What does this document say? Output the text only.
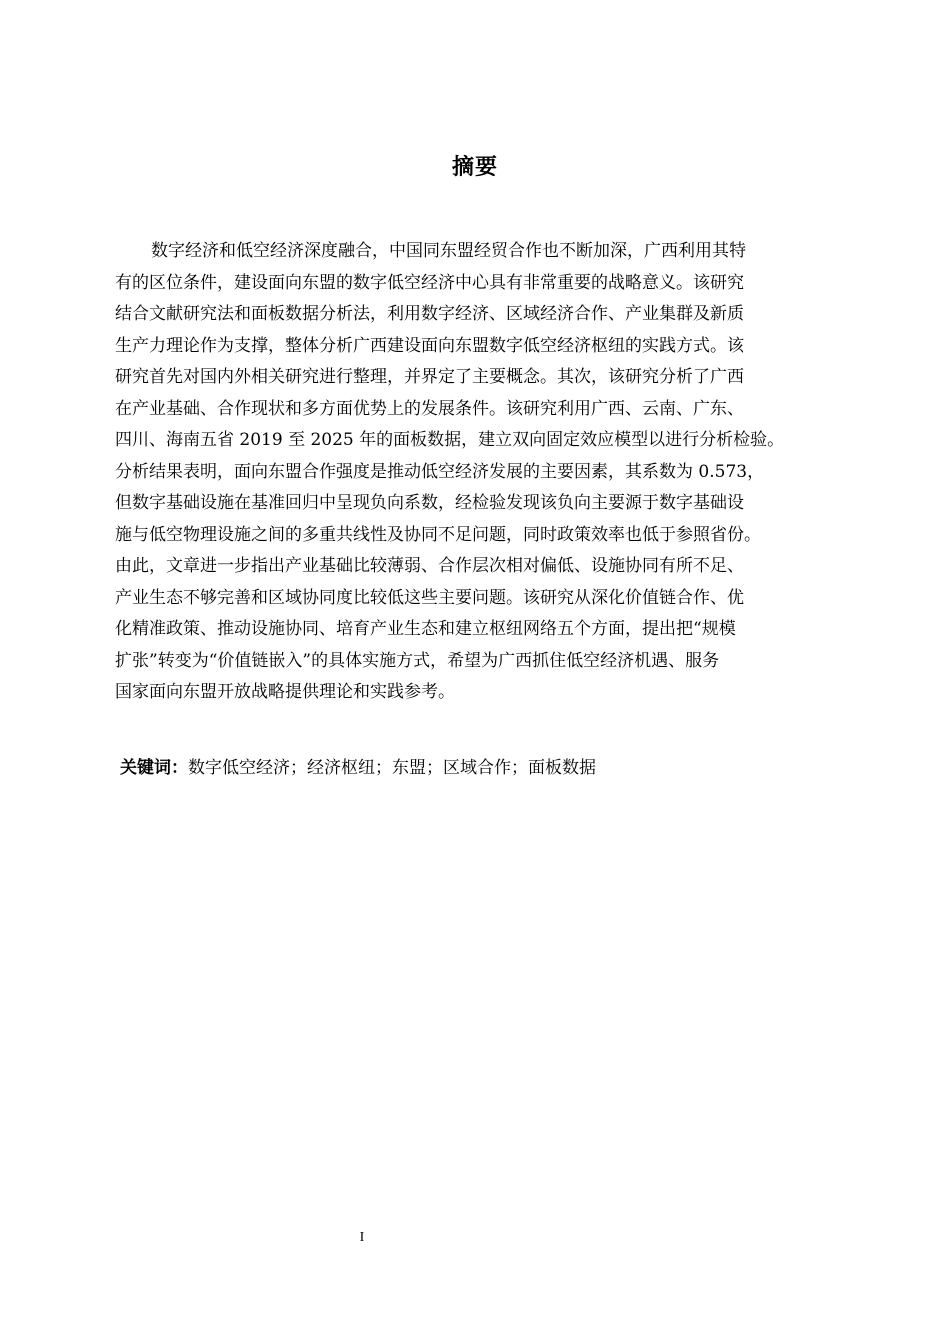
摘要
数字经济和低空经济深度融合，中国同东盟经贸合作也不断加深，广西利用其特
有的区位条件，建设面向东盟的数字低空经济中心具有非常重要的战略意义。该研究
结合文献研究法和面板数据分析法，利用数字经济、区域经济合作、产业集群及新质
生产力理论作为支撑，整体分析广西建设面向东盟数字低空经济枢纽的实践方式。该
研究首先对国内外相关研究进行整理，并界定了主要概念。其次，该研究分析了广西
在产业基础、合作现状和多方面优势上的发展条件。该研究利用广西、云南、广东、
四川、海南五省 2019 至 2025 年的面板数据，建立双向固定效应模型以进行分析检验。
分析结果表明，面向东盟合作强度是推动低空经济发展的主要因素，其系数为 0.573，
但数字基础设施在基准回归中呈现负向系数，经检验发现该负向主要源于数字基础设
施与低空物理设施之间的多重共线性及协同不足问题，同时政策效率也低于参照省份。
由此，文章进一步指出产业基础比较薄弱、合作层次相对偏低、设施协同有所不足、
产业生态不够完善和区域协同度比较低这些主要问题。该研究从深化价值链合作、优
化精准政策、推动设施协同、培育产业生态和建立枢纽网络五个方面，提出把“规模
扩张”转变为“价值链嵌入”的具体实施方式，希望为广西抓住低空经济机遇、服务
国家面向东盟开放战略提供理论和实践参考。
关键词：数字低空经济；经济枢纽；东盟；区域合作；面板数据
I
